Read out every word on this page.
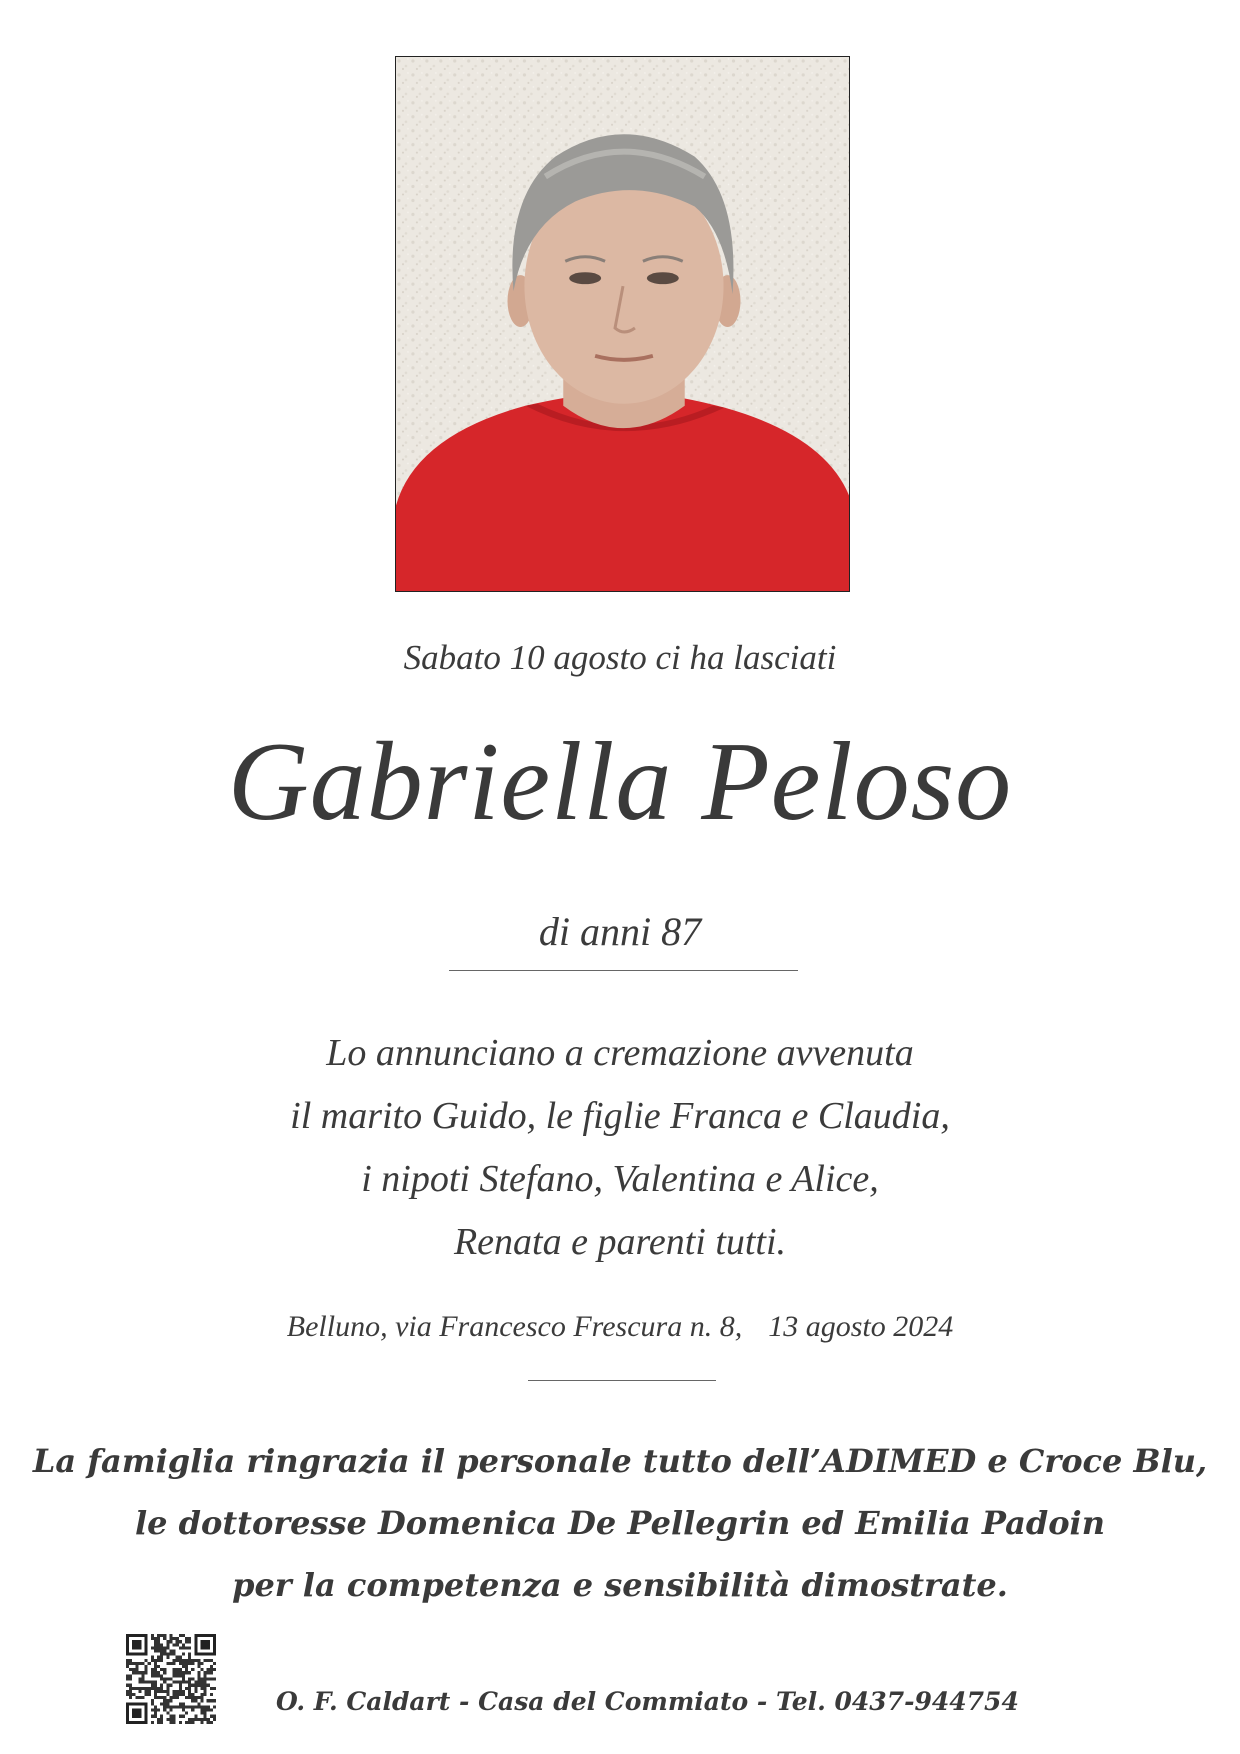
Sabato 10 agosto ci ha lasciati
Gabriella Peloso
di anni 87
Lo annunciano a cremazione avvenuta
il marito Guido, le figlie Franca e Claudia,
i nipoti Stefano, Valentina e Alice,
Renata e parenti tutti.
Belluno, via Francesco Frescura n. 8, 13 agosto 2024
La famiglia ringrazia il personale tutto dell’ADIMED e Croce Blu,
le dottoresse Domenica De Pellegrin ed Emilia Padoin
per la competenza e sensibilità dimostrate.
O. F. Caldart - Casa del Commiato - Tel. 0437-944754
